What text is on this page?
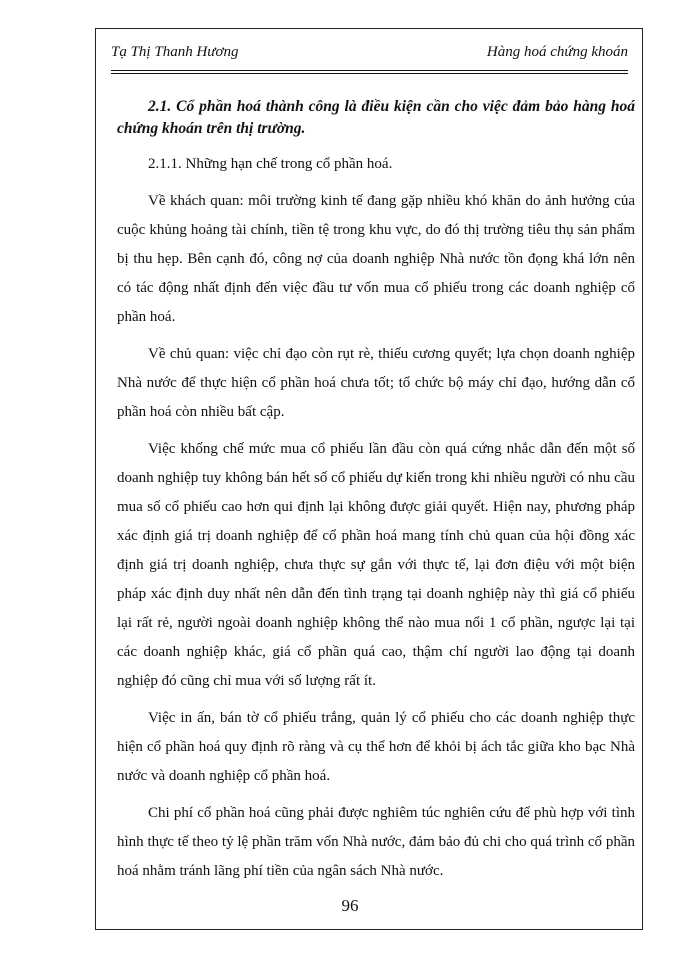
Tạ Thị Thanh Hương	Hàng hoá chứng khoán

2.1. Cổ phần hoá thành công là điều kiện cần cho việc đảm bảo hàng hoá chứng khoán trên thị trường.

2.1.1. Những hạn chế trong cổ phần hoá.

Về khách quan: môi trường kinh tế đang gặp nhiều khó khăn do ảnh hưởng của cuộc khủng hoảng tài chính, tiền tệ trong khu vực, do đó thị trường tiêu thụ sản phẩm bị thu hẹp. Bên cạnh đó, công nợ của doanh nghiệp Nhà nước tồn đọng khá lớn nên có tác động nhất định đến việc đầu tư vốn mua cổ phiếu trong các doanh nghiệp cổ phần hoá.

Về chủ quan: việc chỉ đạo còn rụt rè, thiếu cương quyết; lựa chọn doanh nghiệp Nhà nước để thực hiện cổ phần hoá chưa tốt; tổ chức bộ máy chỉ đạo, hướng dẫn cổ phần hoá còn nhiều bất cập.

Việc khống chế mức mua cổ phiếu lần đầu còn quá cứng nhắc dẫn đến một số doanh nghiệp tuy không bán hết số cổ phiếu dự kiến trong khi nhiều người có nhu cầu mua số cổ phiếu cao hơn qui định lại không được giải quyết. Hiện nay, phương pháp xác định giá trị doanh nghiệp để cổ phần hoá mang tính chủ quan của hội đồng xác định giá trị doanh nghiệp, chưa thực sự gắn với thực tế, lại đơn điệu với một biện pháp xác định duy nhất nên dẫn đến tình trạng tại doanh nghiệp này thì giá cổ phiếu lại rất rẻ, người ngoài doanh nghiệp không thể nào mua nổi 1 cổ phần, ngược lại tại các doanh nghiệp khác, giá cổ phần quá cao, thậm chí người lao động tại doanh nghiệp đó cũng chỉ mua với số lượng rất ít.

Việc in ấn, bán tờ cổ phiếu trắng, quản lý cổ phiếu cho các doanh nghiệp thực hiện cổ phần hoá quy định rõ ràng và cụ thể hơn để khỏi bị ách tắc giữa kho bạc Nhà nước và doanh nghiệp cổ phần hoá.

Chi phí cổ phần hoá cũng phải được nghiêm túc nghiên cứu để phù hợp với tình hình thực tế theo tỷ lệ phần trăm vốn Nhà nước, đảm bảo đủ chi cho quá trình cổ phần hoá nhằm tránh lãng phí tiền của ngân sách Nhà nước.

96
